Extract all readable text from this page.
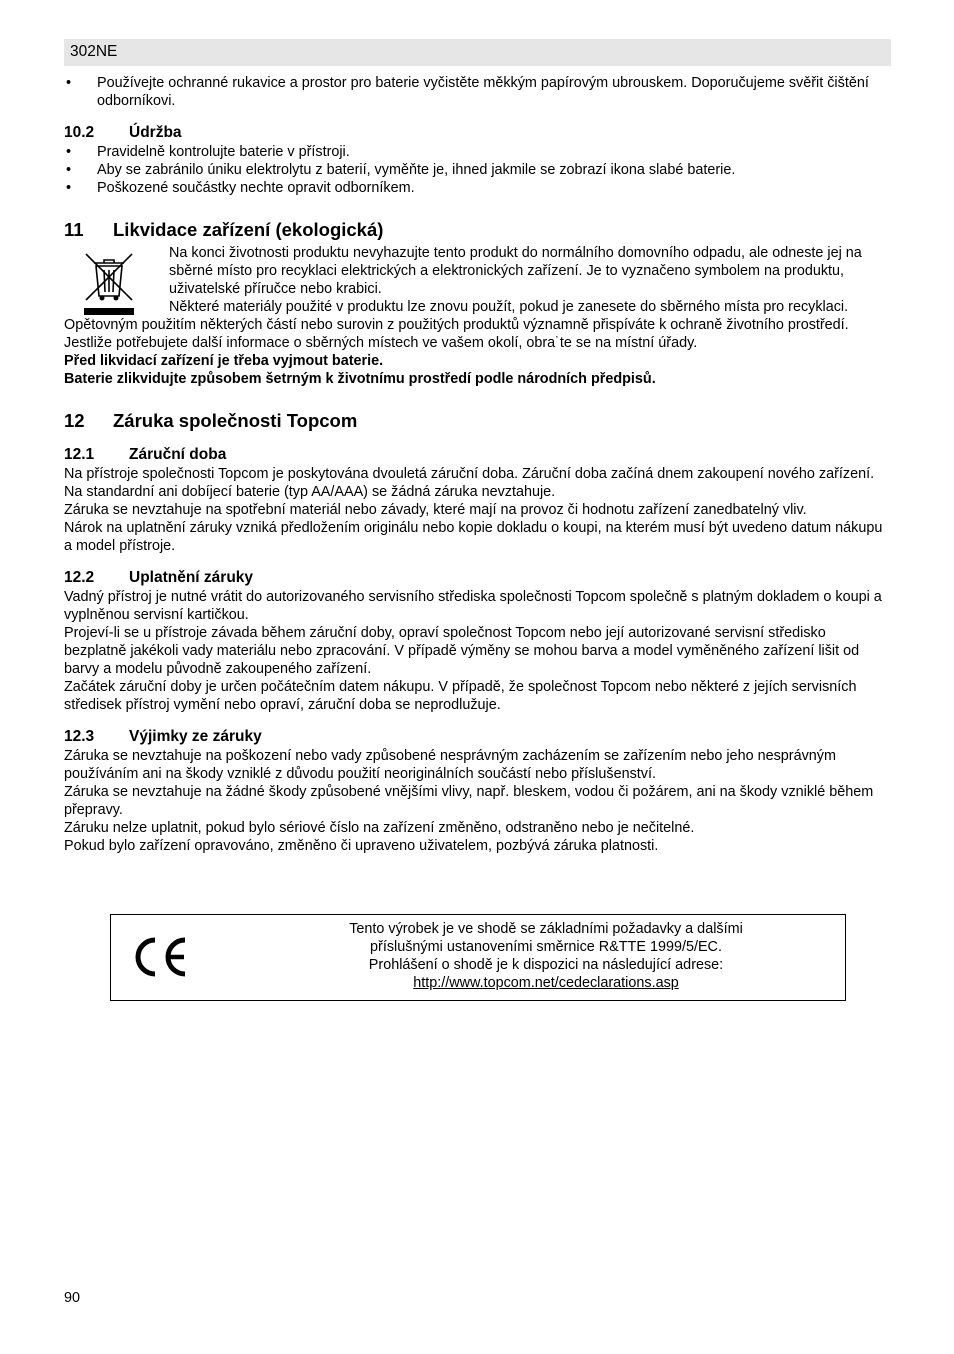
302NE
• Používejte ochranné rukavice a prostor pro baterie vyčistěte měkkým papírovým ubrouskem. Doporučujeme svěřit čištění odborníkovi.
10.2 Údržba
• Pravidelně kontrolujte baterie v přístroji.
• Aby se zabránilo úniku elektrolytu z baterií, vyměňte je, ihned jakmile se zobrazí ikona slabé baterie.
• Poškozené součástky nechte opravit odborníkem.
11 Likvidace zařízení (ekologická)

Na konci životnosti produktu nevyhazujte tento produkt do normálního domovního odpadu, ale odneste jej na sběrné místo pro recyklaci elektrických a elektronických zařízení. Je to vyznačeno symbolem na produktu, uživatelské příručce nebo krabici.

Některé materiály použité v produktu lze znovu použít, pokud je zanesete do sběrného místa pro recyklaci. Opětovným použitím některých částí nebo surovin z použitých produktů významně přispíváte k ochraně životního prostředí. Jestliže potřebujete další informace o sběrných místech ve vašem okolí, obra˙te se na místní úřady.

Před likvidací zařízení je třeba vyjmout baterie.

Baterie zlikvidujte způsobem šetrným k životnímu prostředí podle národních předpisů.

12 Záruka společnosti Topcom
12.1 Záruční doba

Na přístroje společnosti Topcom je poskytována dvouletá záruční doba. Záruční doba začíná dnem zakoupení nového zařízení. Na standardní ani dobíjecí baterie (typ AA/AAA) se žádná záruka nevztahuje.

Záruka se nevztahuje na spotřební materiál nebo závady, které mají na provoz či hodnotu zařízení zanedbatelný vliv.

Nárok na uplatnění záruky vzniká předložením originálu nebo kopie dokladu o koupi, na kterém musí být uvedeno datum nákupu a model přístroje.

12.2 Uplatnění záruky

Vadný přístroj je nutné vrátit do autorizovaného servisního střediska společnosti Topcom společně s platným dokladem o koupi a vyplněnou servisní kartičkou.

Projeví-li se u přístroje závada během záruční doby, opraví společnost Topcom nebo její autorizované servisní středisko bezplatně jakékoli vady materiálu nebo zpracování. V případě výměny se mohou barva a model vyměněného zařízení lišit od barvy a modelu původně zakoupeného zařízení.

Začátek záruční doby je určen počátečním datem nákupu. V případě, že společnost Topcom nebo některé z jejích servisních středisek přístroj vymění nebo opraví, záruční doba se neprodlužuje.

12.3 Výjimky ze záruky

Záruka se nevztahuje na poškození nebo vady způsobené nesprávným zacházením se zařízením nebo jeho nesprávným používáním ani na škody vzniklé z důvodu použití neoriginálních součástí nebo příslušenství.

Záruka se nevztahuje na žádné škody způsobené vnějšími vlivy, např. bleskem, vodou či požárem, ani na škody vzniklé během přepravy.

Záruku nelze uplatnit, pokud bylo sériové číslo na zařízení změněno, odstraněno nebo je nečitelné.

Pokud bylo zařízení opravováno, změněno či upraveno uživatelem, pozbývá záruka platnosti.

Tento výrobek je ve shodě se základními požadavky a dalšími
příslušnými ustanoveními směrnice R&TTE 1999/5/EC.
Prohlášení o shodě je k dispozici na následující adrese:
http://www.topcom.net/cedeclarations.asp
90
